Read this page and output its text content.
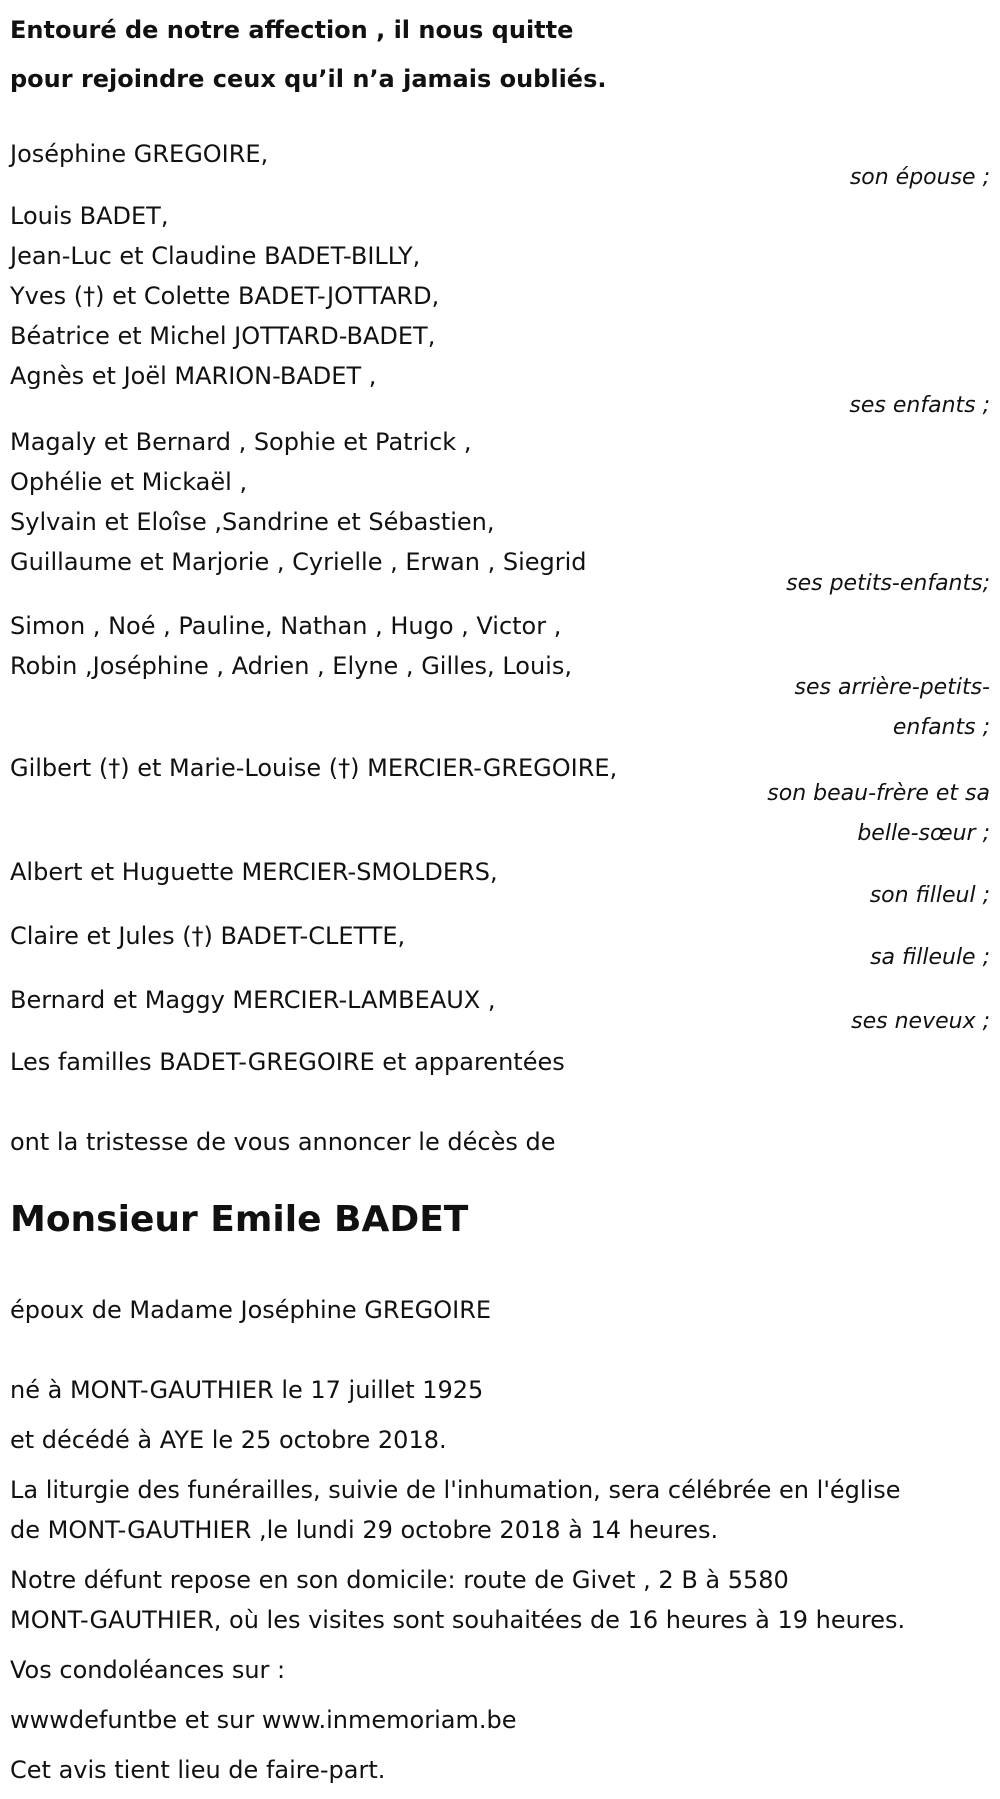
Entouré de notre affection , il nous quitte
pour rejoindre ceux qu’il n’a jamais oubliés.
Joséphine GREGOIRE,
son épouse ;
Louis BADET,
Jean-Luc et Claudine BADET-BILLY,
Yves (†) et Colette BADET-JOTTARD,
Béatrice et Michel JOTTARD-BADET,
Agnès et Joël MARION-BADET ,
ses enfants ;
Magaly et Bernard , Sophie et Patrick ,
Ophélie et Mickaël ,
Sylvain et Eloîse ,Sandrine et Sébastien,
Guillaume et Marjorie , Cyrielle , Erwan , Siegrid
ses petits-enfants;
Simon , Noé , Pauline, Nathan , Hugo , Victor ,
Robin ,Joséphine , Adrien , Elyne , Gilles, Louis,
ses arrière-petits-enfants ;
Gilbert (†) et Marie-Louise (†) MERCIER-GREGOIRE,
son beau-frère et sa belle-sœur ;
Albert et Huguette MERCIER-SMOLDERS,
son filleul ;
Claire et Jules (†) BADET-CLETTE,
sa filleule ;
Bernard et Maggy MERCIER-LAMBEAUX ,
ses neveux ;
Les familles BADET-GREGOIRE et apparentées
ont la tristesse de vous annoncer le décès de
Monsieur Emile BADET
époux de Madame Joséphine GREGOIRE
né à MONT-GAUTHIER le 17 juillet 1925
et décédé à AYE le 25 octobre 2018.
La liturgie des funérailles, suivie de l'inhumation, sera célébrée en l'église
de MONT-GAUTHIER ,le lundi 29 octobre 2018 à 14 heures.
Notre défunt repose en son domicile: route de Givet , 2 B à 5580
MONT-GAUTHIER, où les visites sont souhaitées de 16 heures à 19 heures.
Vos condoléances sur :
wwwdefuntbe et sur www.inmemoriam.be
Cet avis tient lieu de faire-part.
